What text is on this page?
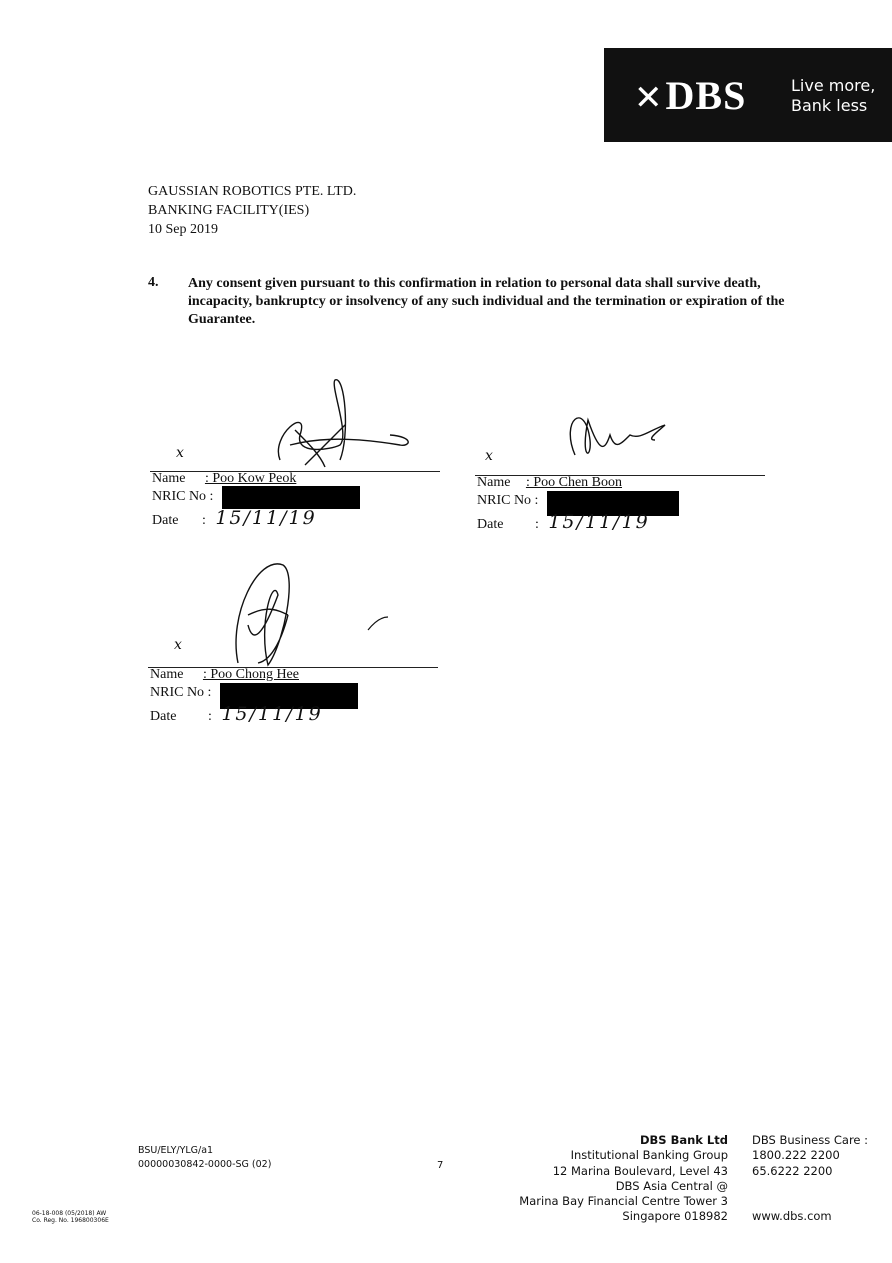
✕DBS	Live more,
Bank less
GAUSSIAN ROBOTICS PTE. LTD.
BANKING FACILITY(IES)
10 Sep 2019
4. Any consent given pursuant to this confirmation in relation to personal data shall survive death, incapacity, bankruptcy or insolvency of any such individual and the termination or expiration of the Guarantee.
x
Name : Poo Kow Peok
NRIC No :
Date : 15/11/19
x
Name : Poo Chen Boon
NRIC No :
Date : 15/11/19
x
Name : Poo Chong Hee
NRIC No :
Date : 15/11/19
BSU/ELY/YLG/a1
00000030842-0000-SG (02)	7
06-18-008 (05/2018) AW
Co. Reg. No. 196800306E
DBS Bank Ltd
Institutional Banking Group
12 Marina Boulevard, Level 43
DBS Asia Central @
Marina Bay Financial Centre Tower 3
Singapore 018982
DBS Business Care :
1800.222 2200
65.6222 2200
www.dbs.com
